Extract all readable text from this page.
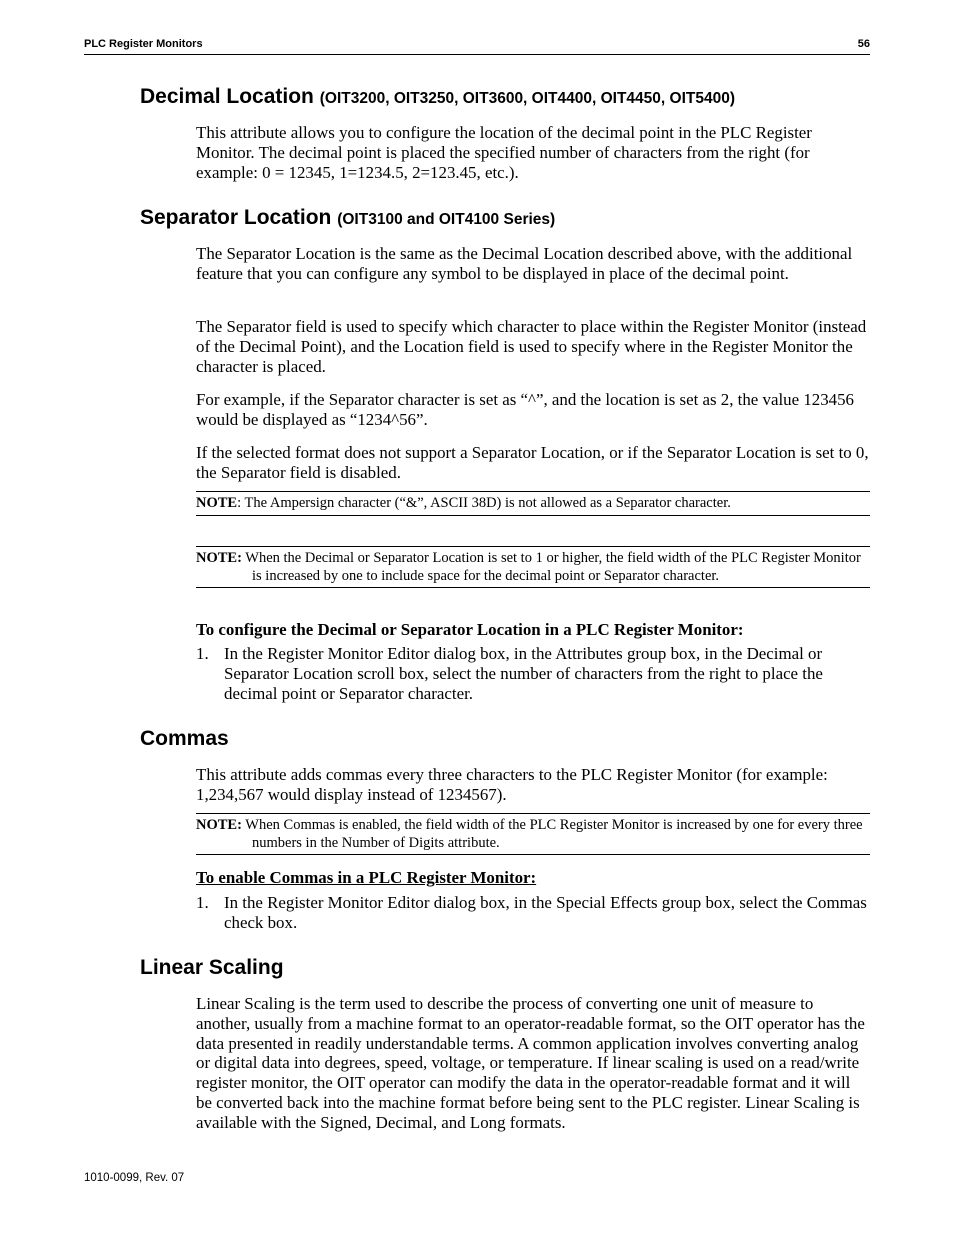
PLC Register Monitors	56
Decimal Location (OIT3200, OIT3250, OIT3600, OIT4400, OIT4450, OIT5400)

This attribute allows you to configure the location of the decimal point in the PLC Register Monitor. The decimal point is placed the specified number of characters from the right (for example: 0 = 12345, 1=1234.5, 2=123.45, etc.).

Separator Location (OIT3100 and OIT4100 Series)

The Separator Location is the same as the Decimal Location described above, with the additional feature that you can configure any symbol to be displayed in place of the decimal point.

The Separator field is used to specify which character to place within the Register Monitor (instead of the Decimal Point), and the Location field is used to specify where in the Register Monitor the character is placed.

For example, if the Separator character is set as “^”, and the location is set as 2, the value 123456 would be displayed as “1234^56”.

If the selected format does not support a Separator Location, or if the Separator Location is set to 0, the Separator field is disabled.

NOTE: The Ampersign character (“&”, ASCII 38D) is not allowed as a Separator character.
NOTE: When the Decimal or Separator Location is set to 1 or higher, the field width of the PLC Register Monitor is increased by one to include space for the decimal point or Separator character.
To configure the Decimal or Separator Location in a PLC Register Monitor:
1. In the Register Monitor Editor dialog box, in the Attributes group box, in the Decimal or Separator Location scroll box, select the number of characters from the right to place the decimal point or Separator character.
Commas

This attribute adds commas every three characters to the PLC Register Monitor (for example: 1,234,567 would display instead of 1234567).

NOTE: When Commas is enabled, the field width of the PLC Register Monitor is increased by one for every three numbers in the Number of Digits attribute.
To enable Commas in a PLC Register Monitor:
1. In the Register Monitor Editor dialog box, in the Special Effects group box, select the Commas check box.
Linear Scaling

Linear Scaling is the term used to describe the process of converting one unit of measure to another, usually from a machine format to an operator-readable format, so the OIT operator has the data presented in readily understandable terms. A common application involves converting analog or digital data into degrees, speed, voltage, or temperature. If linear scaling is used on a read/write register monitor, the OIT operator can modify the data in the operator-readable format and it will be converted back into the machine format before being sent to the PLC register. Linear Scaling is available with the Signed, Decimal, and Long formats.

1010-0099, Rev. 07
